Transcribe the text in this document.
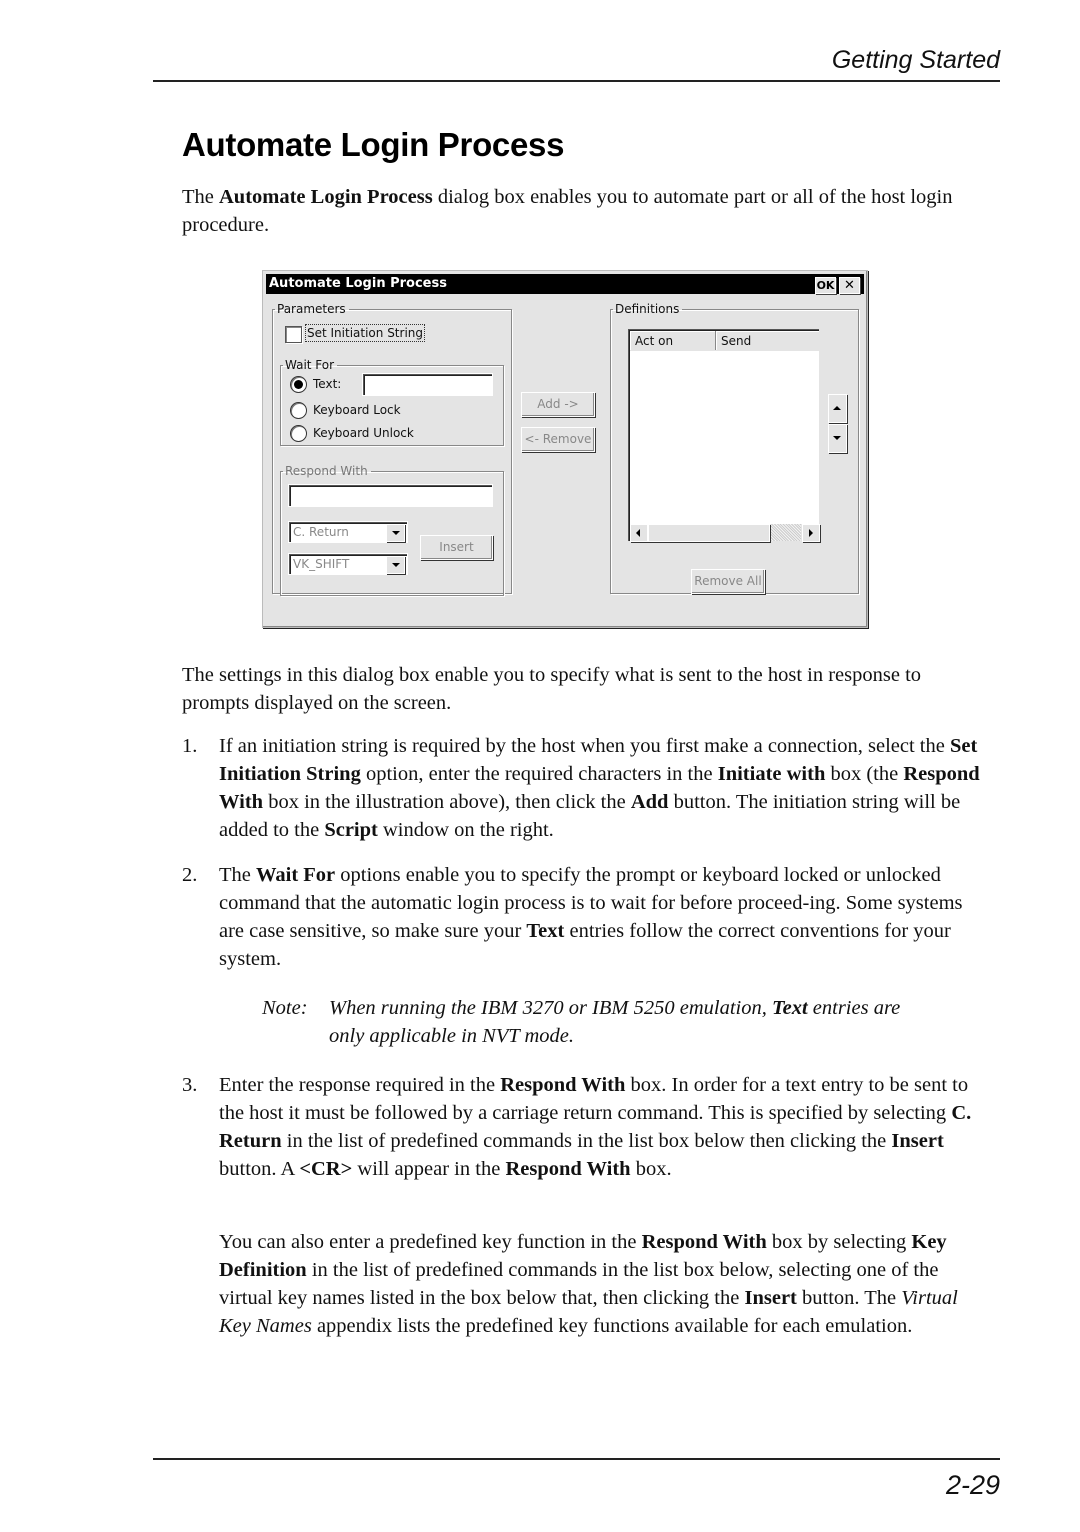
Getting Started
Automate Login Process

The Automate Login Process dialog box enables you to automate part or all of the host login procedure.

Automate Login Process	OK ✕
Parameters
Set Initiation String
Wait For
Text:
Keyboard Lock
Keyboard Unlock
Respond With
C. Return
VK_SHIFT
Insert
Add ->
<- Remove
Definitions
Remove All
Act on	Send

The settings in this dialog box enable you to specify what is sent to the host in response to prompts displayed on the screen.

1. If an initiation string is required by the host when you first make a connection, select the Set Initiation String option, enter the required characters in the Initiate with box (the Respond With box in the illustration above), then click the Add button. The initiation string will be added to the Script window on the right.
2. The Wait For options enable you to specify the prompt or keyboard locked or unlocked command that the automatic login process is to wait for before proceed-ing. Some systems are case sensitive, so make sure your Text entries follow the correct conventions for your system.
Note: When running the IBM 3270 or IBM 5250 emulation, Text entries are only applicable in NVT mode.
3. Enter the response required in the Respond With box. In order for a text entry to be sent to the host it must be followed by a carriage return command. This is specified by selecting C. Return in the list of predefined commands in the list box below then clicking the Insert button. A <CR> will appear in the Respond With box.
You can also enter a predefined key function in the Respond With box by selecting Key Definition in the list of predefined commands in the list box below, selecting one of the virtual key names listed in the box below that, then clicking the Insert button. The Virtual Key Names appendix lists the predefined key functions available for each emulation.
2-29
